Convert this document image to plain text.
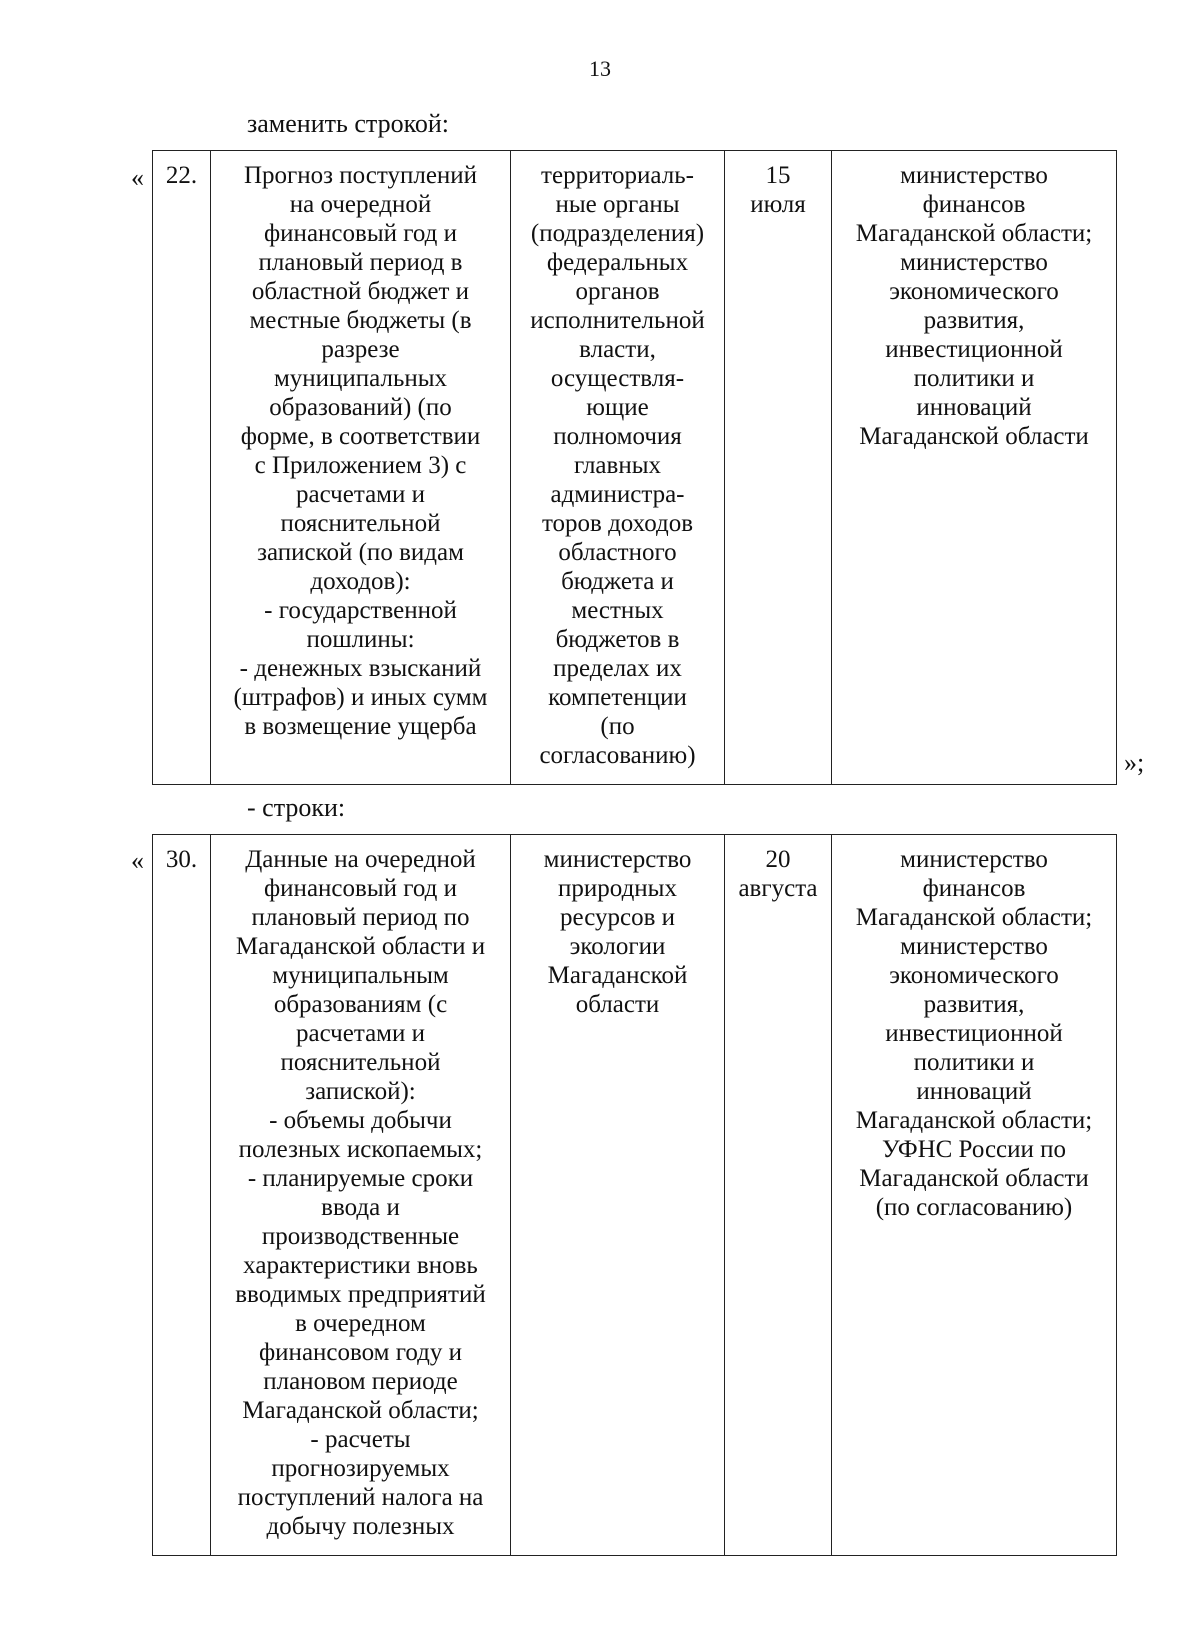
13
заменить строкой:
« 22.	Прогноз поступлений
на очередной
финансовый год и
плановый период в
областной бюджет и
местные бюджеты (в
разрезе
муниципальных
образований) (по
форме, в соответствии
с Приложением 3) с
расчетами и
пояснительной
запиской (по видам
доходов):
- государственной
пошлины:
- денежных взысканий
(штрафов) и иных сумм
в возмещение ущерба	территориаль-
ные органы
(подразделения)
федеральных
органов
исполнительной
власти,
осуществля-
ющие
полномочия
главных
администра-
торов доходов
областного
бюджета и
местных
бюджетов в
пределах их
компетенции
(по
согласованию)	15
июля	министерство
финансов
Магаданской области;
министерство
экономического
развития,
инвестиционной
политики и
инноваций
Магаданской области
»;
- строки:
« 30.	Данные на очередной
финансовый год и
плановый период по
Магаданской области и
муниципальным
образованиям (с
расчетами и
пояснительной
запиской):
- объемы добычи
полезных ископаемых;
- планируемые сроки
ввода и
производственные
характеристики вновь
вводимых предприятий
в очередном
финансовом году и
плановом периоде
Магаданской области;
- расчеты
прогнозируемых
поступлений налога на
добычу полезных	министерство
природных
ресурсов и
экологии
Магаданской
области	20
августа	министерство
финансов
Магаданской области;
министерство
экономического
развития,
инвестиционной
политики и
инноваций
Магаданской области;
УФНС России по
Магаданской области
(по согласованию)
